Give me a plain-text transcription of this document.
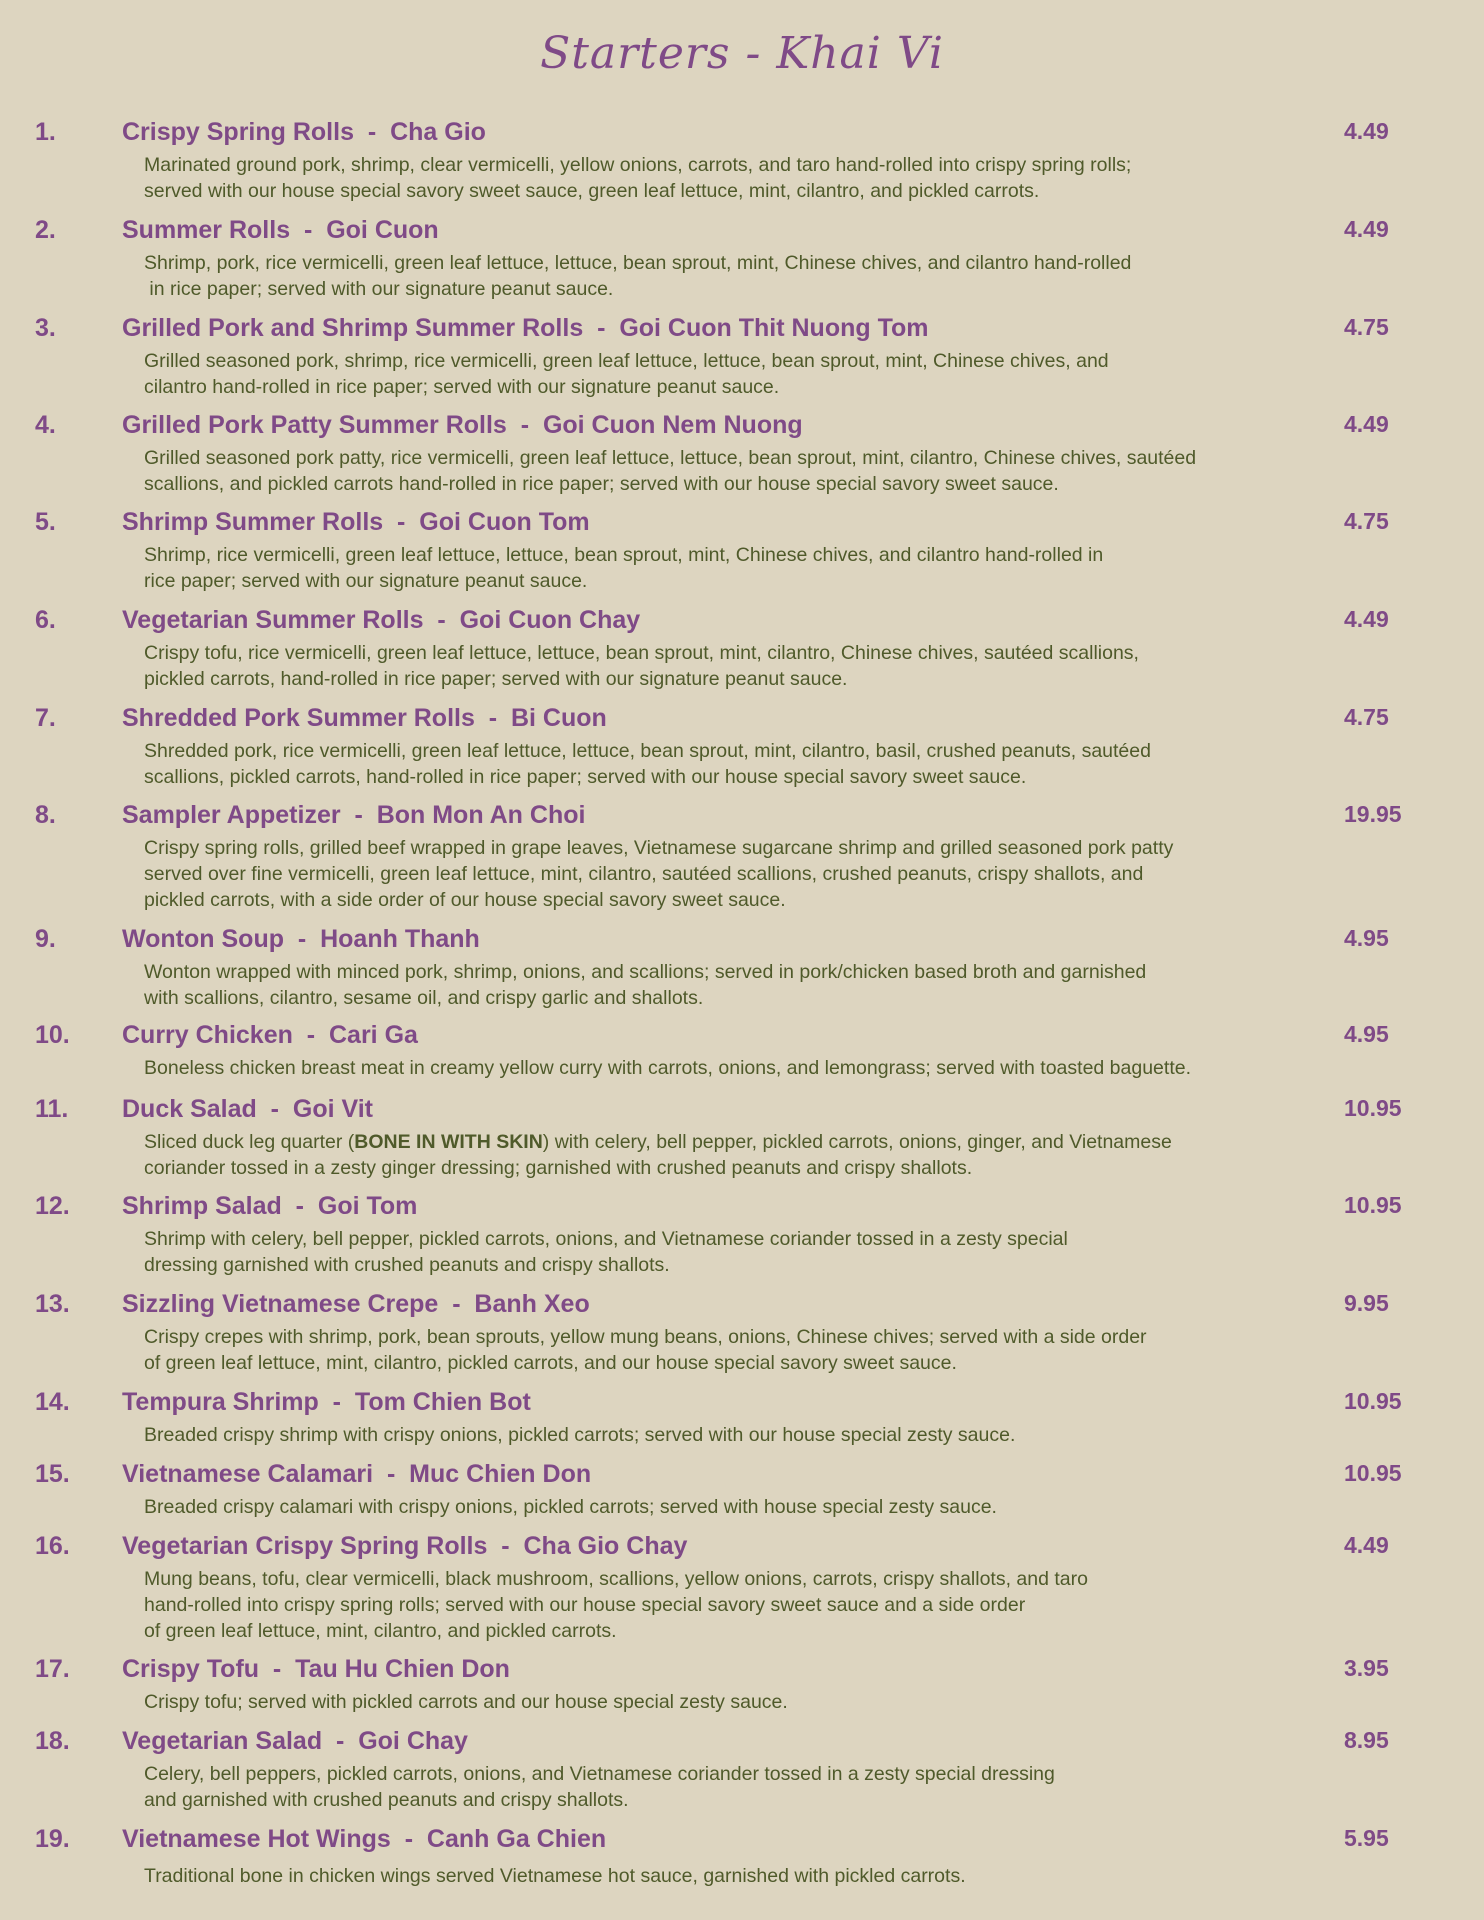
Starters - Khai Vi
1.	Crispy Spring Rolls  -  Cha Gio	4.49
Marinated ground pork, shrimp, clear vermicelli, yellow onions, carrots, and taro hand-rolled into crispy spring rolls;
served with our house special savory sweet sauce, green leaf lettuce, mint, cilantro, and pickled carrots.
2.	Summer Rolls  -  Goi Cuon	4.49
Shrimp, pork, rice vermicelli, green leaf lettuce, lettuce, bean sprout, mint, Chinese chives, and cilantro hand-rolled
in rice paper; served with our signature peanut sauce.
3.	Grilled Pork and Shrimp Summer Rolls  -  Goi Cuon Thit Nuong Tom	4.75
Grilled seasoned pork, shrimp, rice vermicelli, green leaf lettuce, lettuce, bean sprout, mint, Chinese chives, and
cilantro hand-rolled in rice paper; served with our signature peanut sauce.
4.	Grilled Pork Patty Summer Rolls  -  Goi Cuon Nem Nuong	4.49
Grilled seasoned pork patty, rice vermicelli, green leaf lettuce, lettuce, bean sprout, mint, cilantro, Chinese chives, sautéed
scallions, and pickled carrots hand-rolled in rice paper; served with our house special savory sweet sauce.
5.	Shrimp Summer Rolls  -  Goi Cuon Tom	4.75
Shrimp, rice vermicelli, green leaf lettuce, lettuce, bean sprout, mint, Chinese chives, and cilantro hand-rolled in
rice paper; served with our signature peanut sauce.
6.	Vegetarian Summer Rolls  -  Goi Cuon Chay	4.49
Crispy tofu, rice vermicelli, green leaf lettuce, lettuce, bean sprout, mint, cilantro, Chinese chives, sautéed scallions,
pickled carrots, hand-rolled in rice paper; served with our signature peanut sauce.
7.	Shredded Pork Summer Rolls  -  Bi Cuon	4.75
Shredded pork, rice vermicelli, green leaf lettuce, lettuce, bean sprout, mint, cilantro, basil, crushed peanuts, sautéed
scallions, pickled carrots, hand-rolled in rice paper; served with our house special savory sweet sauce.
8.	Sampler Appetizer  -  Bon Mon An Choi	19.95
Crispy spring rolls, grilled beef wrapped in grape leaves, Vietnamese sugarcane shrimp and grilled seasoned pork patty
served over fine vermicelli, green leaf lettuce, mint, cilantro, sautéed scallions, crushed peanuts, crispy shallots, and
pickled carrots, with a side order of our house special savory sweet sauce.
9.	Wonton Soup  -  Hoanh Thanh	4.95
Wonton wrapped with minced pork, shrimp, onions, and scallions; served in pork/chicken based broth and garnished
with scallions, cilantro, sesame oil, and crispy garlic and shallots.
10. Curry Chicken  -  Cari Ga	4.95
Boneless chicken breast meat in creamy yellow curry with carrots, onions, and lemongrass; served with toasted baguette.
11. Duck Salad  -  Goi Vit	10.95
Sliced duck leg quarter (BONE IN WITH SKIN) with celery, bell pepper, pickled carrots, onions, ginger, and Vietnamese
coriander tossed in a zesty ginger dressing; garnished with crushed peanuts and crispy shallots.
12. Shrimp Salad  -  Goi Tom	10.95
Shrimp with celery, bell pepper, pickled carrots, onions, and Vietnamese coriander tossed in a zesty special
dressing garnished with crushed peanuts and crispy shallots.
13. Sizzling Vietnamese Crepe  -  Banh Xeo	9.95
Crispy crepes with shrimp, pork, bean sprouts, yellow mung beans, onions, Chinese chives; served with a side order
of green leaf lettuce, mint, cilantro, pickled carrots, and our house special savory sweet sauce.
14. Tempura Shrimp  -  Tom Chien Bot	10.95
Breaded crispy shrimp with crispy onions, pickled carrots; served with our house special zesty sauce.
15. Vietnamese Calamari  -  Muc Chien Don	10.95
Breaded crispy calamari with crispy onions, pickled carrots; served with house special zesty sauce.
16. Vegetarian Crispy Spring Rolls  -  Cha Gio Chay	4.49
Mung beans, tofu, clear vermicelli, black mushroom, scallions, yellow onions, carrots, crispy shallots, and taro
hand-rolled into crispy spring rolls; served with our house special savory sweet sauce and a side order
of green leaf lettuce, mint, cilantro, and pickled carrots.
17. Crispy Tofu  -  Tau Hu Chien Don	3.95
Crispy tofu; served with pickled carrots and our house special zesty sauce.
18. Vegetarian Salad  -  Goi Chay	8.95
Celery, bell peppers, pickled carrots, onions, and Vietnamese coriander tossed in a zesty special dressing
and garnished with crushed peanuts and crispy shallots.
19. Vietnamese Hot Wings  -  Canh Ga Chien	5.95
Traditional bone in chicken wings served Vietnamese hot sauce, garnished with pickled carrots.
